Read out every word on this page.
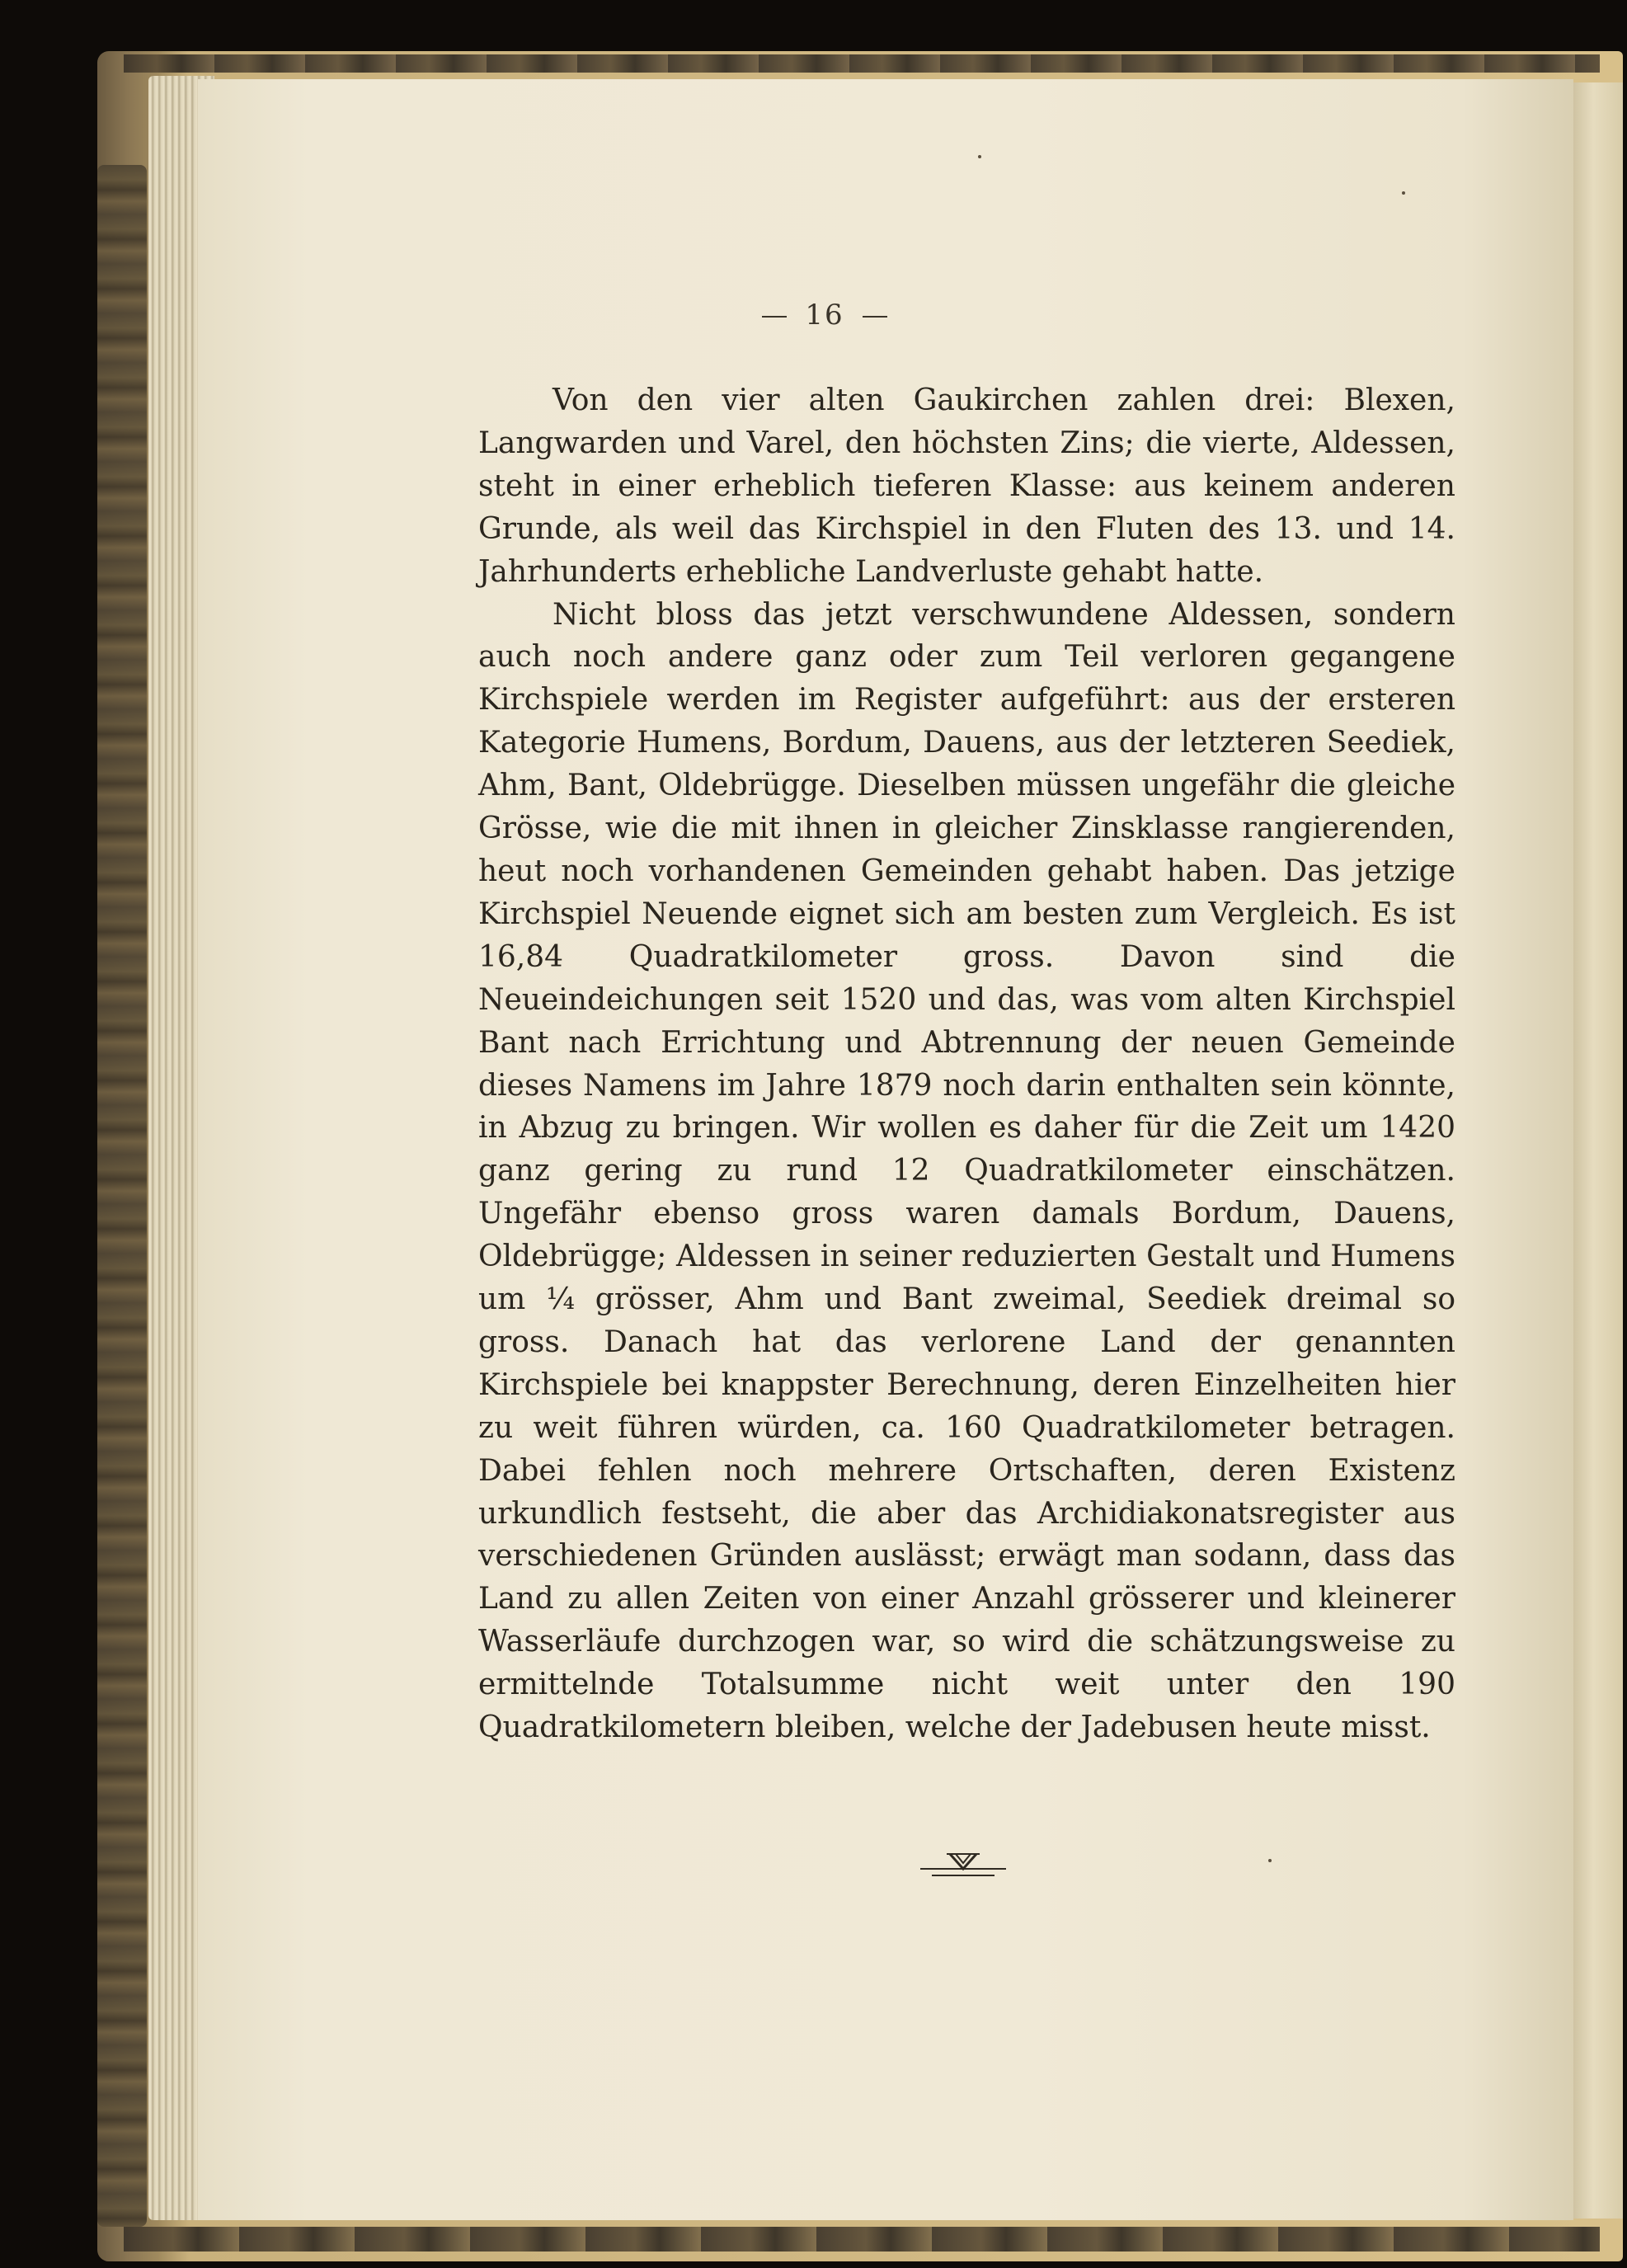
16

Von den vier alten Gaukirchen zahlen drei: Blexen, Langwarden und Varel, den höchsten Zins; die vierte, Aldessen, steht in einer erheblich tieferen Klasse: aus keinem anderen Grunde, als weil das Kirchspiel in den Fluten des 13. und 14. Jahrhunderts erhebliche Landverluste gehabt hatte.

Nicht bloss das jetzt verschwundene Aldessen, sondern auch noch andere ganz oder zum Teil verloren gegangene Kirchspiele werden im Register aufgeführt: aus der ersteren Kategorie Humens, Bordum, Dauens, aus der letzteren Seediek, Ahm, Bant, Oldebrügge. Dieselben müssen ungefähr die gleiche Grösse, wie die mit ihnen in gleicher Zinsklasse rangierenden, heut noch vorhandenen Gemeinden gehabt haben. Das jetzige Kirchspiel Neuende eignet sich am besten zum Vergleich. Es ist 16,84 Quadratkilometer gross. Davon sind die Neueindeichungen seit 1520 und das, was vom alten Kirchspiel Bant nach Errichtung und Abtrennung der neuen Gemeinde dieses Namens im Jahre 1879 noch darin enthalten sein könnte, in Abzug zu bringen. Wir wollen es daher für die Zeit um 1420 ganz gering zu rund 12 Quadratkilometer einschätzen. Ungefähr ebenso gross waren damals Bordum, Dauens, Oldebrügge; Aldessen in seiner reduzierten Gestalt und Humens um ¼ grösser, Ahm und Bant zweimal, Seediek dreimal so gross. Danach hat das verlorene Land der genannten Kirchspiele bei knappster Berechnung, deren Einzelheiten hier zu weit führen würden, ca. 160 Quadratkilometer betragen. Dabei fehlen noch mehrere Ortschaften, deren Existenz urkundlich festseht, die aber das Archidiakonatsregister aus verschiedenen Gründen auslässt; erwägt man sodann, dass das Land zu allen Zeiten von einer Anzahl grösserer und kleinerer Wasserläufe durchzogen war, so wird die schätzungsweise zu ermittelnde Totalsumme nicht weit unter den 190 Quadratkilometern bleiben, welche der Jadebusen heute misst.
